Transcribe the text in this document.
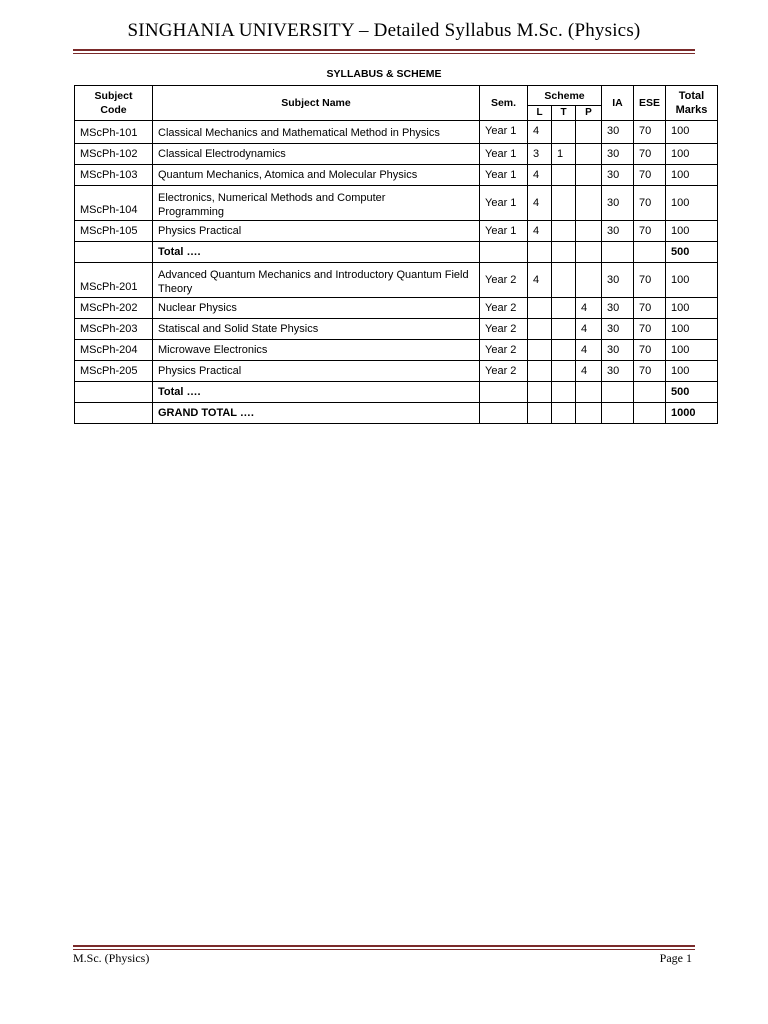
SINGHANIA UNIVERSITY – Detailed Syllabus M.Sc. (Physics)
SYLLABUS & SCHEME
Subject Code	Subject Name	Sem.	Scheme			IA	ESE	Total
Marks

			L	T	P			
MScPh-101	Classical Mechanics and Mathematical Method in Physics	Year 1	4			30	70	100
MScPh-102	Classical Electrodynamics	Year 1	3	1		30	70	100
MScPh-103	Quantum Mechanics, Atomica and Molecular Physics	Year 1	4			30	70	100
MScPh-104	Electronics, Numerical Methods and Computer Programming	Year 1	4			30	70	100
MScPh-105	Physics Practical	Year 1	4			30	70	100
	Total ….							500
MScPh-201	Advanced Quantum Mechanics and Introductory Quantum Field Theory	Year 2	4			30	70	100
MScPh-202	Nuclear Physics	Year 2			4	30	70	100
MScPh-203	Statiscal and Solid State Physics	Year 2			4	30	70	100
MScPh-204	Microwave Electronics	Year 2			4	30	70	100
MScPh-205	Physics Practical	Year 2			4	30	70	100
	Total ….							500
	GRAND TOTAL ….							1000
M.Sc. (Physics)	Page 1
